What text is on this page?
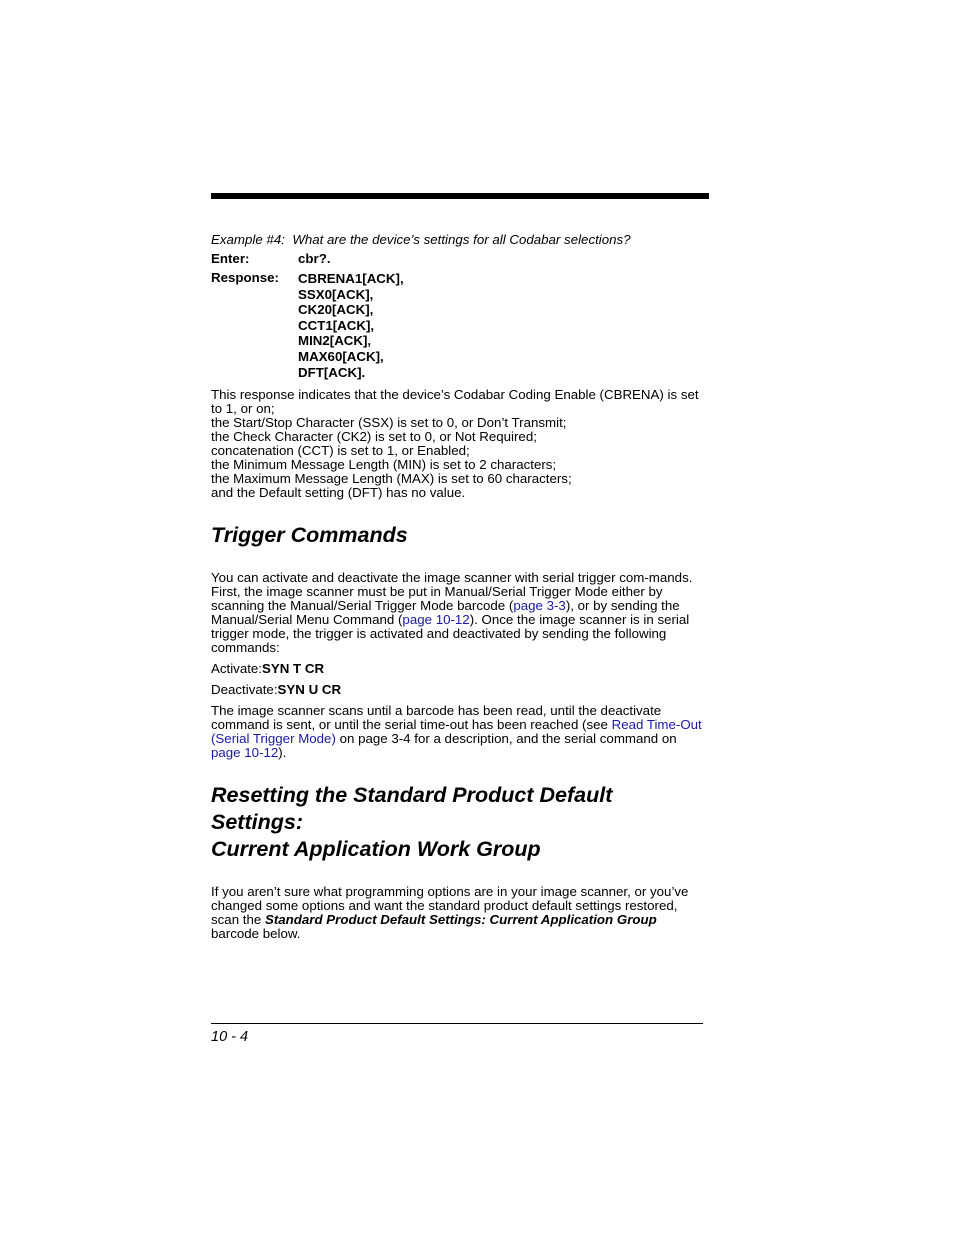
Example #4: What are the device’s settings for all Codabar selections?
Enter:	cbr?.
Response:	CBRENA1[ACK],
SSX0[ACK],
CK20[ACK],
CCT1[ACK],
MIN2[ACK],
MAX60[ACK],
DFT[ACK].
This response indicates that the device’s Codabar Coding Enable (CBRENA) is set to 1, or on;
the Start/Stop Character (SSX) is set to 0, or Don’t Transmit;
the Check Character (CK2) is set to 0, or Not Required;
concatenation (CCT) is set to 1, or Enabled;
the Minimum Message Length (MIN) is set to 2 characters;
the Maximum Message Length (MAX) is set to 60 characters;
and the Default setting (DFT) has no value.
Trigger Commands

You can activate and deactivate the image scanner with serial trigger com-mands. First, the image scanner must be put in Manual/Serial Trigger Mode either by scanning the Manual/Serial Trigger Mode barcode (page 3-3), or by sending the Manual/Serial Menu Command (page 10-12). Once the image scanner is in serial trigger mode, the trigger is activated and deactivated by sending the following commands:

Activate:SYN T CR

Deactivate:SYN U CR

The image scanner scans until a barcode has been read, until the deactivate command is sent, or until the serial time-out has been reached (see Read Time-Out (Serial Trigger Mode) on page 3-4 for a description, and the serial command on page 10-12).

Resetting the Standard Product Default Settings:
Current Application Work Group

If you aren’t sure what programming options are in your image scanner, or you’ve changed some options and want the standard product default settings restored, scan the Standard Product Default Settings: Current Application Group barcode below.

10 - 4
